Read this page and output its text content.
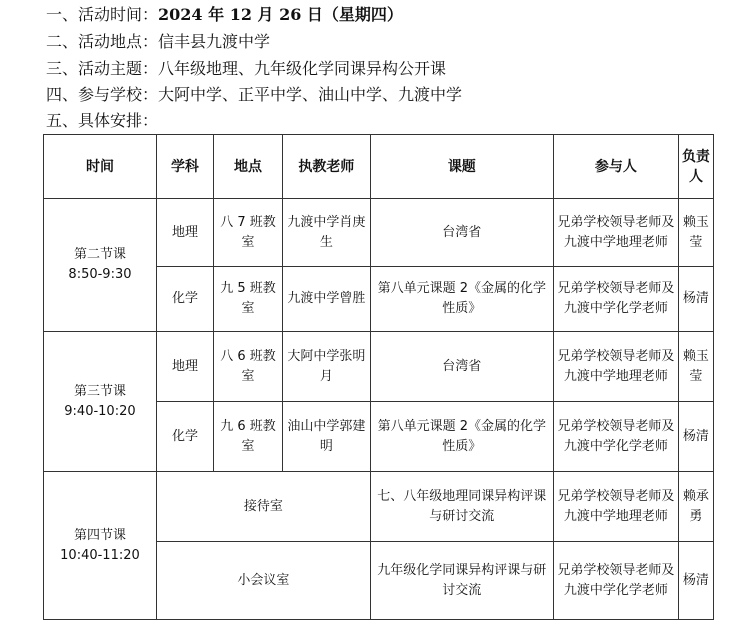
一、活动时间：2024 年 12 月 26 日（星期四）
二、活动地点：信丰县九渡中学
三、活动主题：八年级地理、九年级化学同课异构公开课
四、参与学校：大阿中学、正平中学、油山中学、九渡中学
五、具体安排：
时间	学科	地点	执教老师	课题	参与人	负责人

第二节课
8:50-9:30	地理	八 7 班教室	九渡中学肖庚生	台湾省	兄弟学校领导老师及九渡中学地理老师	赖玉莹
	化学	九 5 班教室	九渡中学曾胜	第八单元课题 2《金属的化学性质》	兄弟学校领导老师及九渡中学化学老师	杨清

第三节课
9:40-10:20	地理	八 6 班教室	大阿中学张明月	台湾省	兄弟学校领导老师及九渡中学地理老师	赖玉莹
	化学	九 6 班教室	油山中学郭建明	第八单元课题 2《金属的化学性质》	兄弟学校领导老师及九渡中学化学老师	杨清

第四节课
10:40-11:20	接待室			七、八年级地理同课异构评课与研讨交流	兄弟学校领导老师及九渡中学地理老师	赖承勇
	小会议室			九年级化学同课异构评课与研讨交流	兄弟学校领导老师及九渡中学化学老师	杨清
